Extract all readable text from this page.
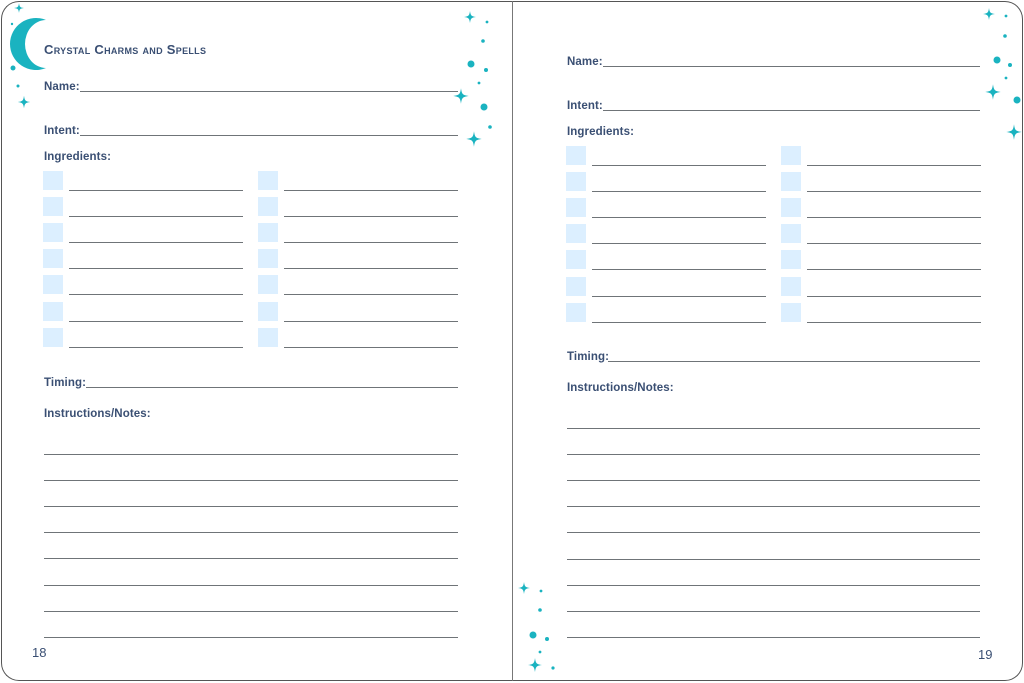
Crystal Charms and Spells
Name:
Intent:
Ingredients:
Timing:
Instructions/Notes:
18
Name:
Intent:
Ingredients:
Timing:
Instructions/Notes:
19
